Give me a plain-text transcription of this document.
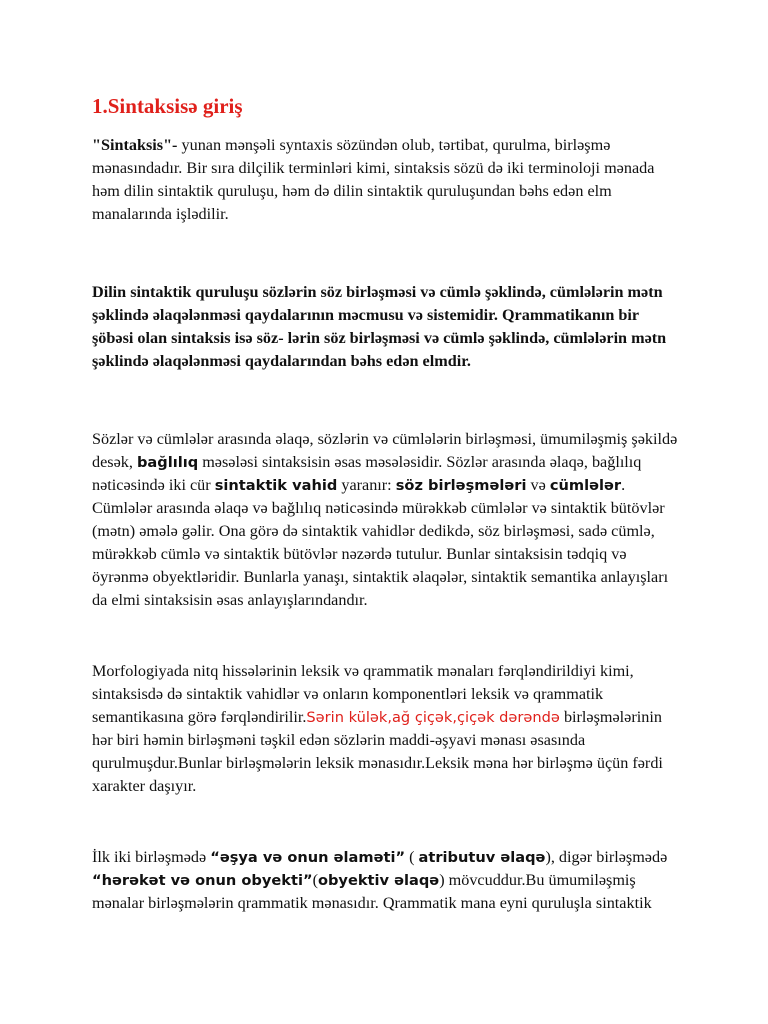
1.Sintaksisə giriş

"Sintaksis"- yunan mənşəli syntaxis sözündən olub, tərtibat, qurulma, birləşmə mənasındadır. Bir sıra dilçilik terminləri kimi, sintaksis sözü də iki terminoloji mənada həm dilin sintaktik quruluşu, həm də dilin sintaktik quruluşundan bəhs edən elm manalarında işlədilir.

Dilin sintaktik quruluşu sözlərin söz birləşməsi və cümlə şəklində, cümlələrin mətn şəklində əlaqələnməsi qaydalarının məcmusu və sistemidir. Qrammatikanın bir şöbəsi olan sintaksis isə söz- lərin söz birləşməsi və cümlə şəklində, cümlələrin mətn şəklində əlaqələnməsi qaydalarından bəhs edən elmdir.

Sözlər və cümlələr arasında əlaqə, sözlərin və cümlələrin birləşməsi, ümumiləşmiş şəkildə desək, bağlılıq məsələsi sintaksisin əsas məsələsidir. Sözlər arasında əlaqə, bağlılıq nəticəsində iki cür sintaktik vahid yaranır: söz birləşmələri və cümlələr. Cümlələr arasında əlaqə və bağlılıq nəticəsində mürəkkəb cümlələr və sintaktik bütövlər (mətn) əmələ gəlir. Ona görə də sintaktik vahidlər dedikdə, söz birləşməsi, sadə cümlə, mürəkkəb cümlə və sintaktik bütövlər nəzərdə tutulur. Bunlar sintaksisin tədqiq və öyrənmə obyektləridir. Bunlarla yanaşı, sintaktik əlaqələr, sintaktik semantika anlayışları da elmi sintaksisin əsas anlayışlarındandır.

Morfologiyada nitq hissələrinin leksik və qrammatik mənaları fərqləndirildiyi kimi, sintaksisdə də sintaktik vahidlər və onların komponentləri leksik və qrammatik semantikasına görə fərqləndirilir.Sərin külək,ağ çiçək,çiçək dərəndə birləşmələrinin hər biri həmin birləşməni təşkil edən sözlərin maddi-əşyavi mənası əsasında qurulmuşdur.Bunlar birləşmələrin leksik mənasıdır.Leksik məna hər birləşmə üçün fərdi xarakter daşıyır.

İlk iki birləşmədə “əşya və onun əlaməti” ( atributuv əlaqə), digər birləşmədə “hərəkət və onun obyekti”(obyektiv əlaqə) mövcuddur.Bu ümumiləşmiş mənalar birləşmələrin qrammatik mənasıdır. Qrammatik mana eyni quruluşla sintaktik
